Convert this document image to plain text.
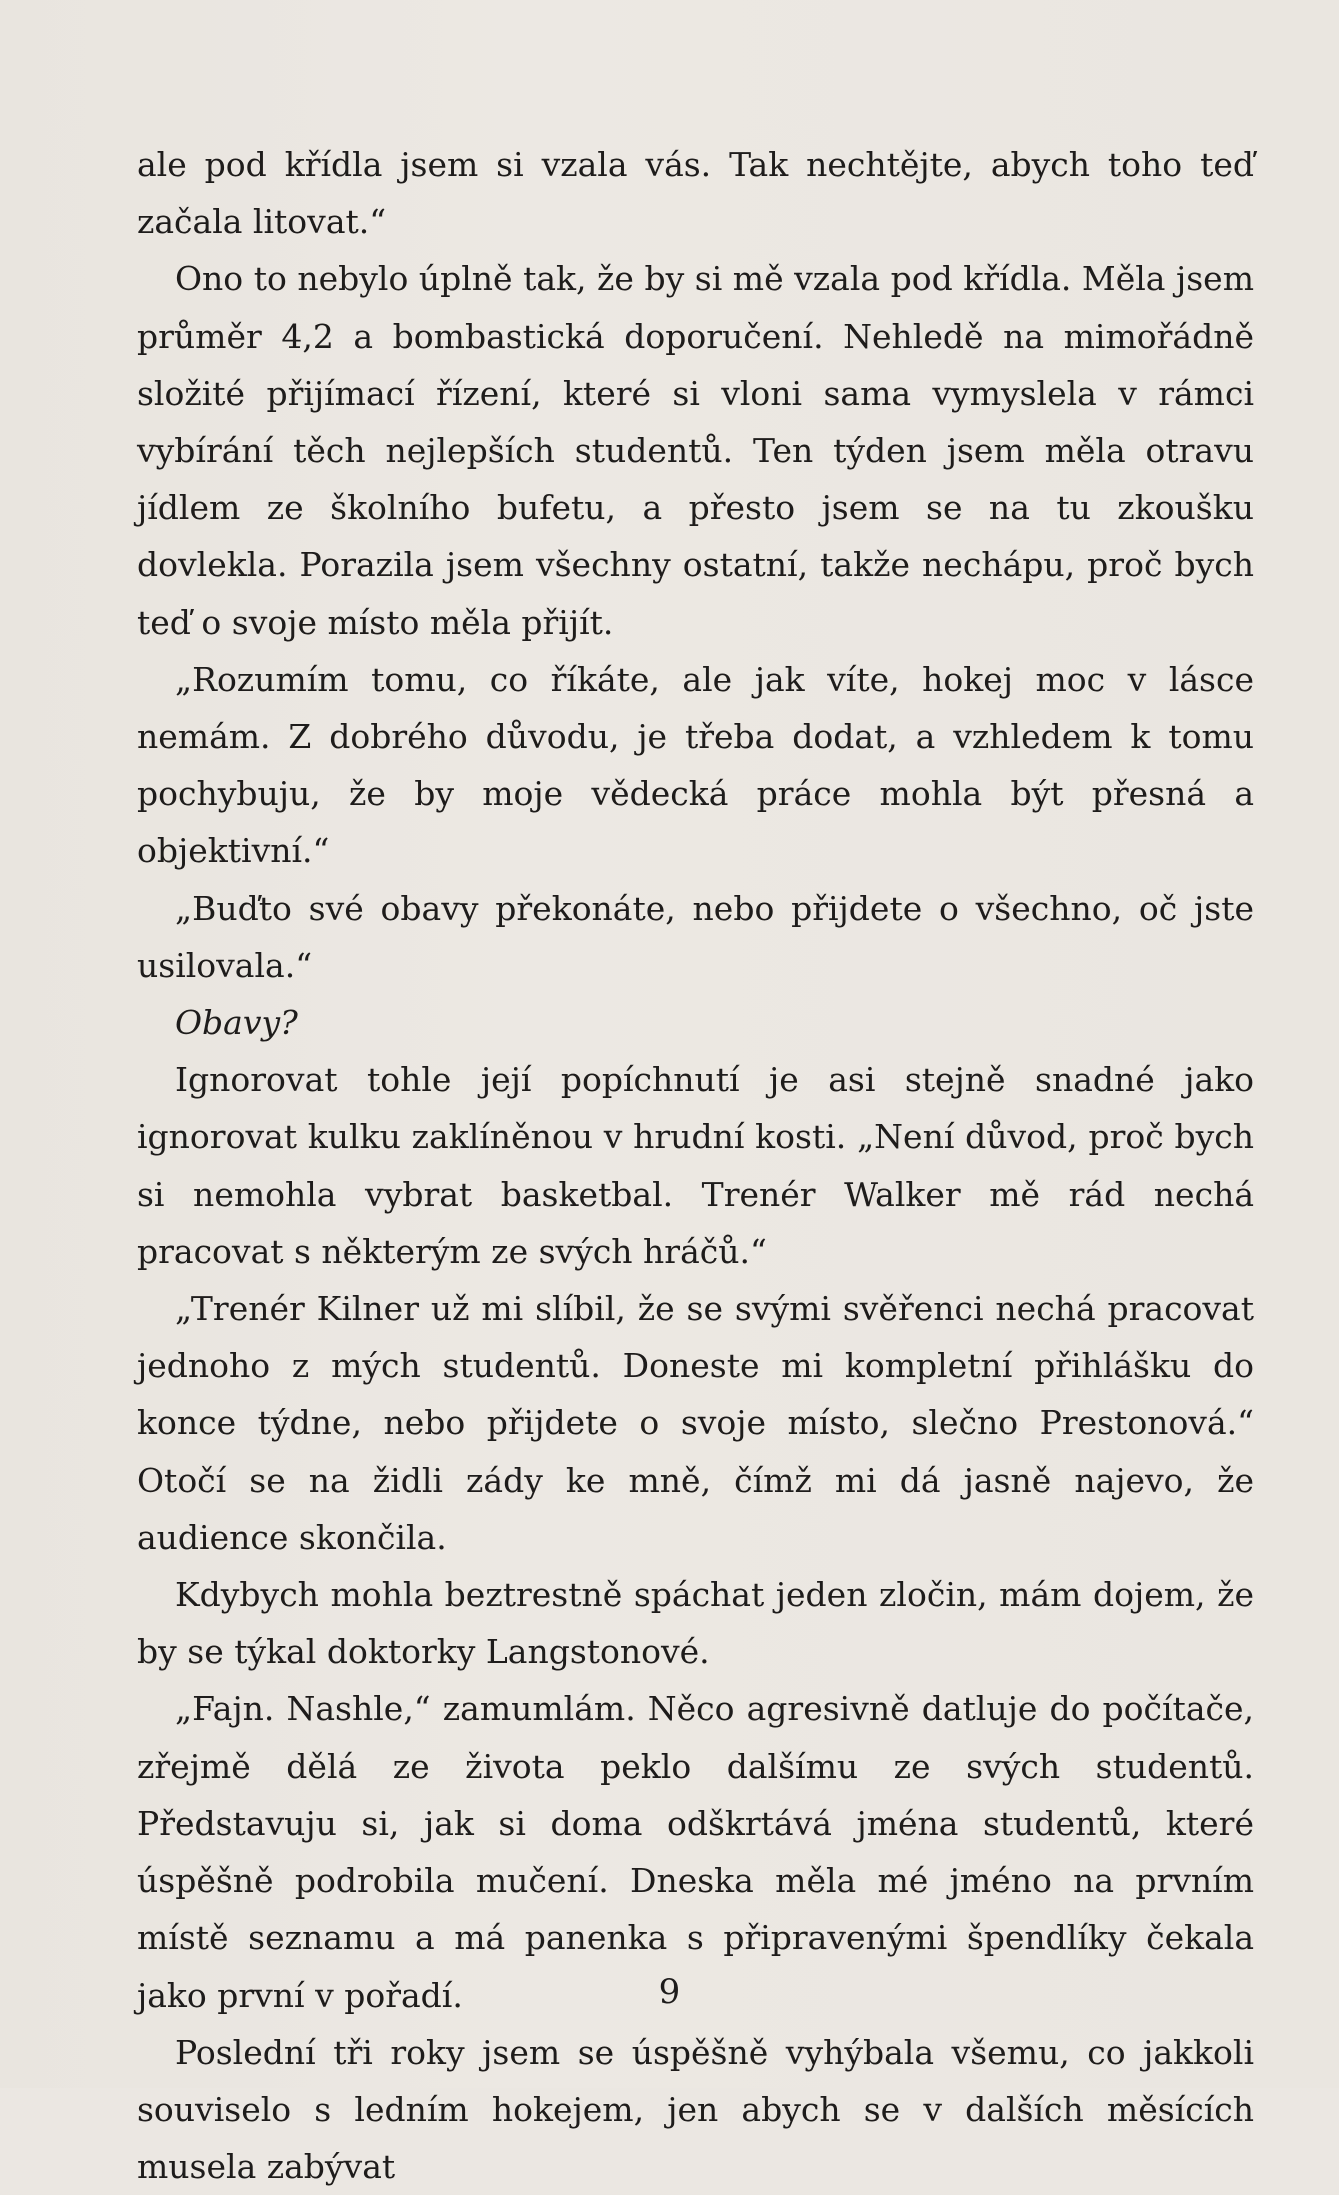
ale pod křídla jsem si vzala vás. Tak nechtějte, abych toho teď začala litovat.“

Ono to nebylo úplně tak, že by si mě vzala pod křídla. Měla jsem průměr 4,2 a bombastická doporučení. Nehledě na mimořádně složité přijímací řízení, které si vloni sama vymyslela v rámci vybírání těch nejlepších studentů. Ten týden jsem měla otravu jídlem ze školního bufetu, a přesto jsem se na tu zkoušku dovlekla. Porazila jsem všechny ostatní, takže nechápu, proč bych teď o svoje místo měla přijít.

„Rozumím tomu, co říkáte, ale jak víte, hokej moc v lásce nemám. Z dobrého důvodu, je třeba dodat, a vzhledem k tomu pochybuju, že by moje vědecká práce mohla být přesná a objektivní.“

„Buďto své obavy překonáte, nebo přijdete o všechno, oč jste usilovala.“

Obavy?

Ignorovat tohle její popíchnutí je asi stejně snadné jako ignorovat kulku zaklíněnou v hrudní kosti. „Není důvod, proč bych si nemohla vybrat basketbal. Trenér Walker mě rád nechá pracovat s některým ze svých hráčů.“

„Trenér Kilner už mi slíbil, že se svými svěřenci nechá pracovat jednoho z mých studentů. Doneste mi kompletní přihlášku do konce týdne, nebo přijdete o svoje místo, slečno Prestonová.“ Otočí se na židli zády ke mně, čímž mi dá jasně najevo, že audience skončila.

Kdybych mohla beztrestně spáchat jeden zločin, mám dojem, že by se týkal doktorky Langstonové.

„Fajn. Nashle,“ zamumlám. Něco agresivně datluje do počítače, zřejmě dělá ze života peklo dalšímu ze svých studentů. Představuju si, jak si doma odškrtává jména studentů, které úspěšně podrobila mučení. Dneska měla mé jméno na prvním místě seznamu a má panenka s připravenými špendlíky čekala jako první v pořadí.

Poslední tři roky jsem se úspěšně vyhýbala všemu, co jakkoli souviselo s ledním hokejem, jen abych se v dalších měsících musela zabývat

9
